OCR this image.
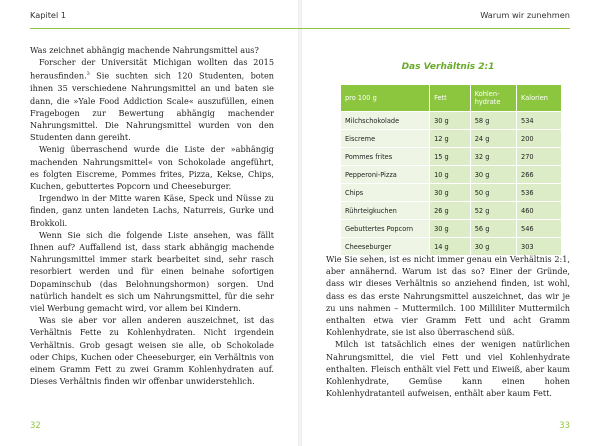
Kapitel 1

Was zeichnet abhängig machende Nahrungsmittel aus?

Forscher der Universität Michigan wollten das 2015 herausfinden.$^3$ Sie suchten sich 120 Studenten, boten ihnen 35 verschiedene Nahrungsmittel an und baten sie dann, die »Yale Food Addiction Scale« auszufüllen, einen Fragebogen zur Bewertung abhängig machender Nahrungsmittel. Die Nahrungsmittel wurden von den Studenten dann gereiht.

Wenig überraschend wurde die Liste der »abhängig machenden Nahrungsmittel« von Schokolade angeführt, es folgten Eiscreme, Pommes frites, Pizza, Kekse, Chips, Kuchen, gebuttertes Popcorn und Cheeseburger.

Irgendwo in der Mitte waren Käse, Speck und Nüsse zu finden, ganz unten landeten Lachs, Naturreis, Gurke und Brokkoli.

Wenn Sie sich die folgende Liste ansehen, was fällt Ihnen auf? Auffallend ist, dass stark abhängig machende Nahrungsmittel immer stark bearbeitet sind, sehr rasch resorbiert werden und für einen beinahe sofortigen Dopaminschub (das Belohnungshormon) sorgen. Und natürlich handelt es sich um Nahrungsmittel, für die sehr viel Werbung gemacht wird, vor allem bei Kindern.

Was sie aber vor allen anderen auszeichnet, ist das Verhältnis Fette zu Kohlenhydraten. Nicht irgendein Verhältnis. Grob gesagt weisen sie alle, ob Schokolade oder Chips, Kuchen oder Cheeseburger, ein Verhältnis von einem Gramm Fett zu zwei Gramm Kohlenhydraten auf. Dieses Verhältnis finden wir offenbar unwiderstehlich.

32
Warum wir zunehmen
Das Verhältnis 2:1
pro 100 g	Fett	Kohlen-
hydrate	Kalorien
Milchschokolade	30 g	58 g	534
Eiscreme	12 g	24 g	200
Pommes frites	15 g	32 g	270
Pepperoni-Pizza	10 g	30 g	266
Chips	30 g	50 g	536
Rührteigkuchen	26 g	52 g	460
Gebuttertes Popcorn	30 g	56 g	546
Cheeseburger	14 g	30 g	303

Wie Sie sehen, ist es nicht immer genau ein Verhältnis 2:1, aber annähernd. Warum ist das so? Einer der Gründe, dass wir dieses Verhältnis so anziehend finden, ist wohl, dass es das erste Nahrungsmittel auszeichnet, das wir je zu uns nahmen – Muttermilch. 100 Milliliter Muttermilch enthalten etwa vier Gramm Fett und acht Gramm Kohlenhydrate, sie ist also überraschend süß.

Milch ist tatsächlich eines der wenigen natürlichen Nahrungsmittel, die viel Fett und viel Kohlenhydrate enthalten. Fleisch enthält viel Fett und Eiweiß, aber kaum Kohlenhydrate, Gemüse kann einen hohen Kohlenhydratanteil aufweisen, enthält aber kaum Fett.

33
